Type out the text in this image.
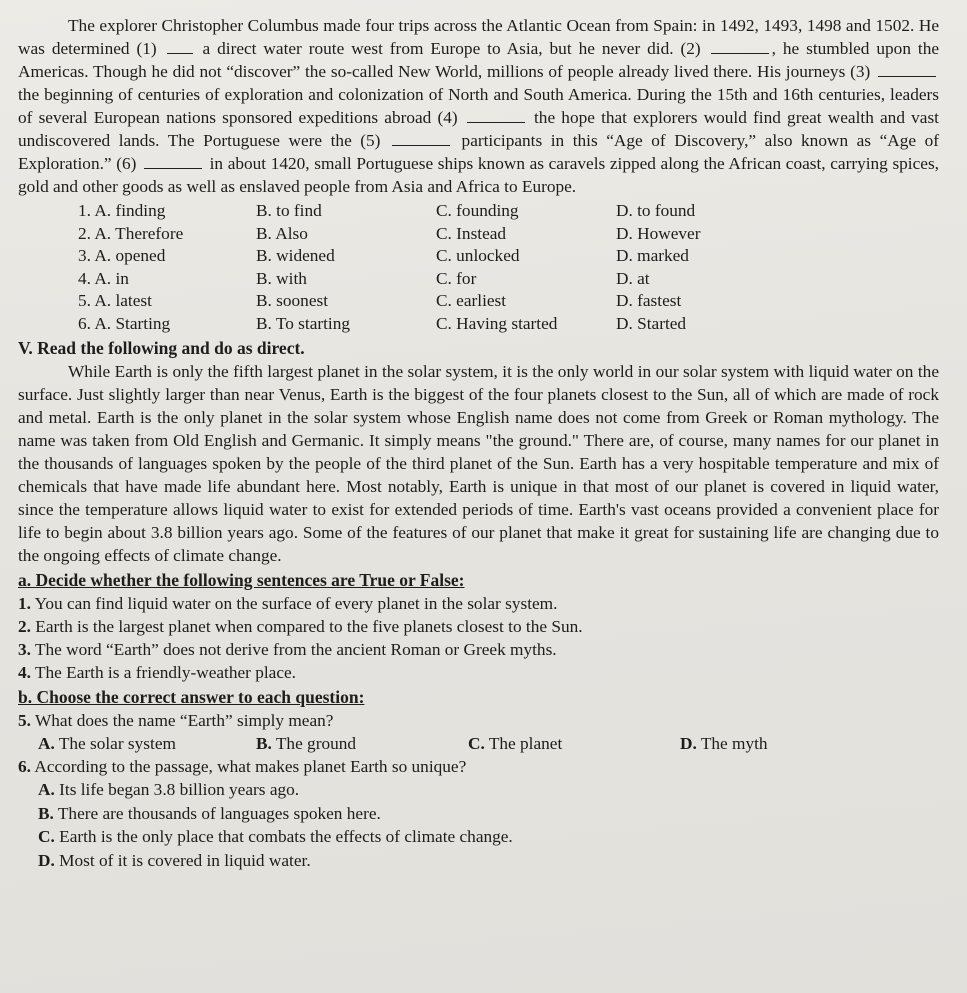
The explorer Christopher Columbus made four trips across the Atlantic Ocean from Spain: in 1492, 1493, 1498 and 1502. He was determined (1)  a direct water route west from Europe to Asia, but he never did. (2)	, he stumbled upon the Americas. Though he did not “discover” the so-called New World, millions of people already lived there. His journeys (3)  the beginning of centuries of exploration and colonization of North and South America. During the 15th and 16th centuries, leaders of several European nations sponsored expeditions abroad (4)	the hope that explorers would find great wealth and vast undiscovered lands. The Portuguese were the (5)	participants in this “Age of Discovery,” also known as “Age of Exploration.” (6)	in about 1420, small Portuguese ships known as caravels zipped along the African coast, carrying spices, gold and other goods as well as enslaved people from Asia and Africa to Europe.

1. A. finding	B. to find	C. founding	D. to found
2. A. Therefore	B. Also	C. Instead	D. However
3. A. opened	B. widened	C. unlocked	D. marked
4. A. in	B. with	C. for	D. at
5. A. latest	B. soonest	C. earliest	D. fastest
6. A. Starting	B. To starting	C. Having started	D. Started

V. Read the following and do as direct.

While Earth is only the fifth largest planet in the solar system, it is the only world in our solar system with liquid water on the surface. Just slightly larger than near Venus, Earth is the biggest of the four planets closest to the Sun, all of which are made of rock and metal. Earth is the only planet in the solar system whose English name does not come from Greek or Roman mythology. The name was taken from Old English and Germanic. It simply means "the ground." There are, of course, many names for our planet in the thousands of languages spoken by the people of the third planet of the Sun. Earth has a very hospitable temperature and mix of chemicals that have made life abundant here. Most notably, Earth is unique in that most of our planet is covered in liquid water, since the temperature allows liquid water to exist for extended periods of time. Earth's vast oceans provided a convenient place for life to begin about 3.8 billion years ago. Some of the features of our planet that make it great for sustaining life are changing due to the ongoing effects of climate change.

a. Decide whether the following sentences are True or False:

1. You can find liquid water on the surface of every planet in the solar system.

2. Earth is the largest planet when compared to the five planets closest to the Sun.

3. The word “Earth” does not derive from the ancient Roman or Greek myths.

4. The Earth is a friendly-weather place.

b. Choose the correct answer to each question:

5. What does the name “Earth” simply mean?

A. The solar system	B. The ground	C. The planet	D. The myth

6. According to the passage, what makes planet Earth so unique?

A. Its life began 3.8 billion years ago.

B. There are thousands of languages spoken here.

C. Earth is the only place that combats the effects of climate change.

D. Most of it is covered in liquid water.
